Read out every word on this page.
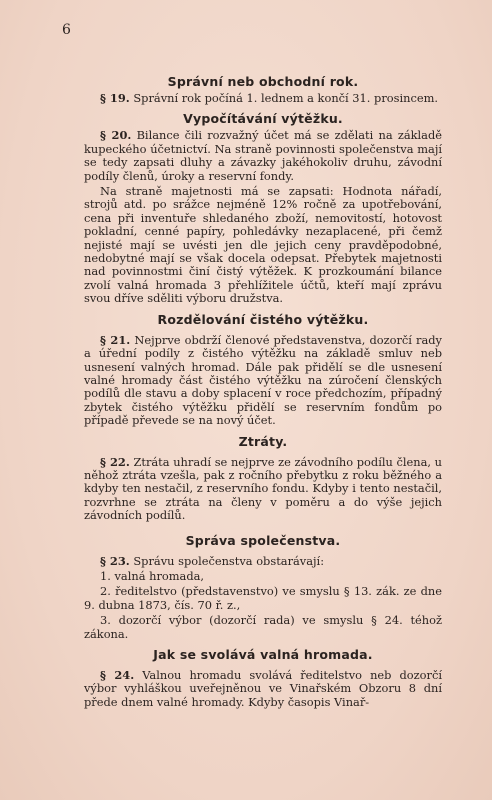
6
Správní neb obchodní rok.

§ 19. Správní rok počíná 1. lednem a končí 31. prosincem.

Vypočítávání výtěžku.

§ 20. Bilance čili rozvažný účet má se zdělati na základě kupeckého účetnictví. Na straně povinnosti společenstva mají se tedy zapsati dluhy a závazky jakéhokoliv druhu, závodní podíly členů, úroky a reservní fondy.

Na straně majetnosti má se zapsati: Hodnota nářadí, strojů atd. po srážce nejméně 12% ročně za upotřebování, cena při inventuře shledaného zboží, nemovitostí, hotovost pokladní, cenné papíry, pohledávky nezaplacené, při čemž nejisté mají se uvésti jen dle jejich ceny pravděpodobné, nedobytné mají se však docela odepsat. Přebytek majetnosti nad povinnostmi činí čistý výtěžek. K prozkoumání bilance zvolí valná hromada 3 přehlížitele účtů, kteří mají zprávu svou dříve sděliti výboru družstva.

Rozdělování čistého výtěžku.

§ 21. Nejprve obdrží členové představenstva, dozorčí rady a úřední podíly z čistého výtěžku na základě smluv neb usnesení valných hromad. Dále pak přidělí se dle usnesení valné hromady část čistého výtěžku na zúročení členských podílů dle stavu a doby splacení v roce předchozím, případný zbytek čistého výtěžku přidělí se reservním fondům po případě převede se na nový účet.

Ztráty.

§ 22. Ztráta uhradí se nejprve ze závodního podílu člena, u něhož ztráta vzešla, pak z ročního přebytku z roku běžného a kdyby ten nestačil, z reservního fondu. Kdyby i tento nestačil, rozvrhne se ztráta na členy v poměru a do výše jejich závodních podílů.

Správa společenstva.

§ 23. Správu společenstva obstarávají:

1. valná hromada,

2. ředitelstvo (představenstvo) ve smyslu § 13. zák. ze dne 9. dubna 1873, čís. 70 ř. z.,

3. dozorčí výbor (dozorčí rada) ve smyslu § 24. téhož zákona.

Jak se svolává valná hromada.

§ 24. Valnou hromadu svolává ředitelstvo neb dozorčí výbor vyhláškou uveřejněnou ve Vinařském Obzoru 8 dní přede dnem valné hromady. Kdyby časopis Vinař-
